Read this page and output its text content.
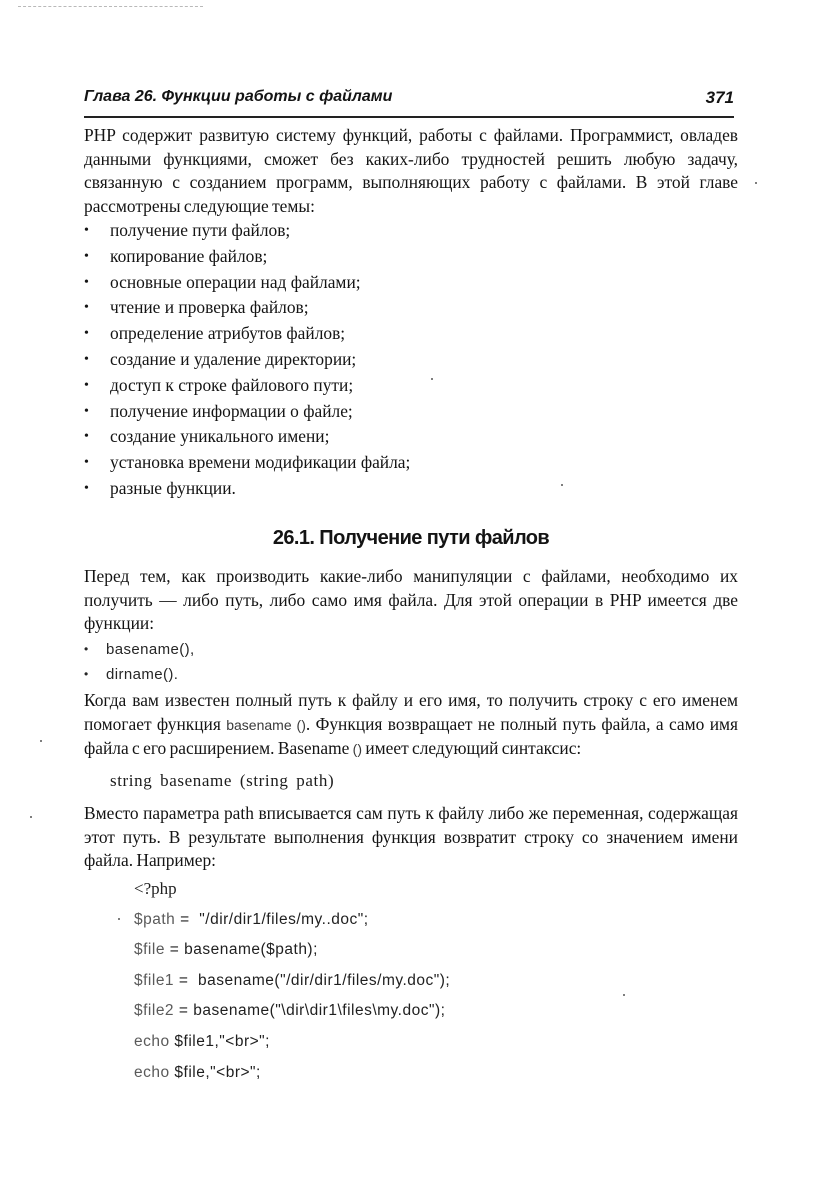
Глава 26. Функции работы с файлами	371

PHP содержит развитую систему функций, работы с файлами. Программист, овладев данными функциями, сможет без каких-либо трудностей решить любую задачу, связанную с созданием программ, выполняющих работу с файлами. В этой главе рассмотрены следующие темы:

• получение пути файлов;
• копирование файлов;
• основные операции над файлами;
• чтение и проверка файлов;
• определение атрибутов файлов;
• создание и удаление директории;
• доступ к строке файлового пути;
• получение информации о файле;
• создание уникального имени;
• установка времени модификации файла;
• разные функции.
26.1. Получение пути файлов

Перед тем, как производить какие-либо манипуляции с файлами, необходимо их получить — либо путь, либо само имя файла. Для этой операции в PHP имеется две функции:

• basename(),
• dirname().

Когда вам известен полный путь к файлу и его имя, то получить строку с его именем помогает функция basename (). Функция возвращает не полный путь файла, а само имя файла с его расширением. Basename () имеет следующий синтаксис:

string basename (string path)

Вместо параметра path вписывается сам путь к файлу либо же переменная, содержащая этот путь. В результате выполнения функция возвратит строку со значением имени файла. Например:

<?php
$path =  "/dir/dir1/files/my..doc";
$file = basename($path);
$file1 =  basename("/dir/dir1/files/my.doc");
$file2 = basename("\dir\dir1\files\my.doc");
echo $file1,"<br>";
echo $file,"<br>";
